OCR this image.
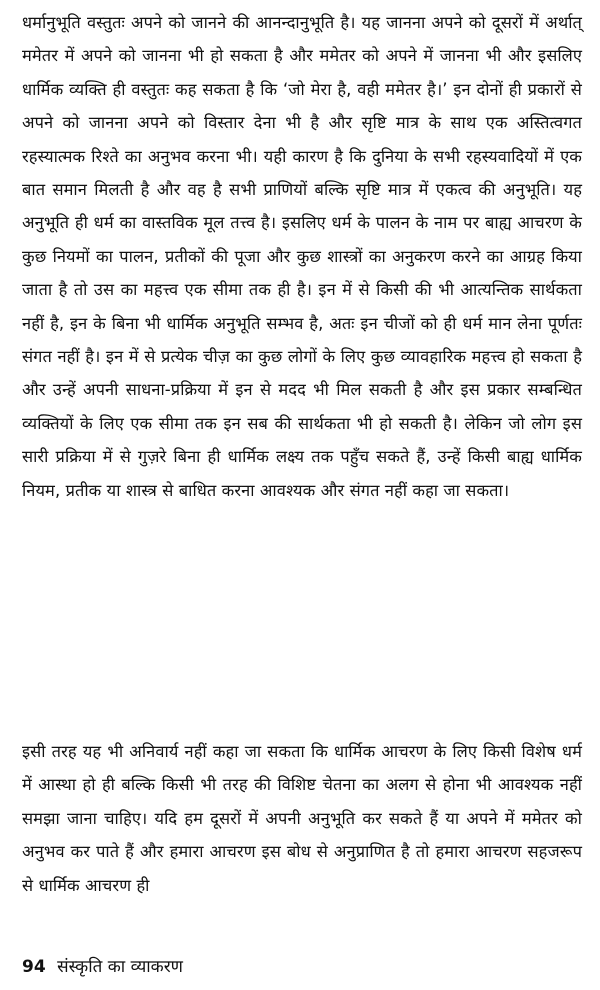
धर्मानुभूति वस्तुतः अपने को जानने की आनन्दानुभूति है। यह जानना अपने को दूसरों में अर्थात् ममेतर में अपने को जानना भी हो सकता है और ममेतर को अपने में जानना भी और इसलिए धार्मिक व्यक्ति ही वस्तुतः कह सकता है कि ‘जो मेरा है, वही ममेतर है।’ इन दोनों ही प्रकारों से अपने को जानना अपने को विस्तार देना भी है और सृष्टि मात्र के साथ एक अस्तित्वगत रहस्यात्मक रिश्ते का अनुभव करना भी। यही कारण है कि दुनिया के सभी रहस्यवादियों में एक बात समान मिलती है और वह है सभी प्राणियों बल्कि सृष्टि मात्र में एकत्व की अनुभूति। यह अनुभूति ही धर्म का वास्तविक मूल तत्त्व है। इसलिए धर्म के पालन के नाम पर बाह्य आचरण के कुछ नियमों का पालन, प्रतीकों की पूजा और कुछ शास्त्रों का अनुकरण करने का आग्रह किया जाता है तो उस का महत्त्व एक सीमा तक ही है। इन में से किसी की भी आत्यन्तिक सार्थकता नहीं है, इन के बिना भी धार्मिक अनुभूति सम्भव है, अतः इन चीजों को ही धर्म मान लेना पूर्णतः संगत नहीं है। इन में से प्रत्येक चीज़ का कुछ लोगों के लिए कुछ व्यावहारिक महत्त्व हो सकता है और उन्हें अपनी साधना-प्रक्रिया में इन से मदद भी मिल सकती है और इस प्रकार सम्बन्धित व्यक्तियों के लिए एक सीमा तक इन सब की सार्थकता भी हो सकती है। लेकिन जो लोग इस सारी प्रक्रिया में से गुज़रे बिना ही धार्मिक लक्ष्य तक पहुँच सकते हैं, उन्हें किसी बाह्य धार्मिक नियम, प्रतीक या शास्त्र से बाधित करना आवश्यक और संगत नहीं कहा जा सकता।

इसी तरह यह भी अनिवार्य नहीं कहा जा सकता कि धार्मिक आचरण के लिए किसी विशेष धर्म में आस्था हो ही बल्कि किसी भी तरह की विशिष्ट चेतना का अलग से होना भी आवश्यक नहीं समझा जाना चाहिए। यदि हम दूसरों में अपनी अनुभूति कर सकते हैं या अपने में ममेतर को अनुभव कर पाते हैं और हमारा आचरण इस बोध से अनुप्राणित है तो हमारा आचरण सहजरूप से धार्मिक आचरण ही

94 संस्कृति का व्याकरण
